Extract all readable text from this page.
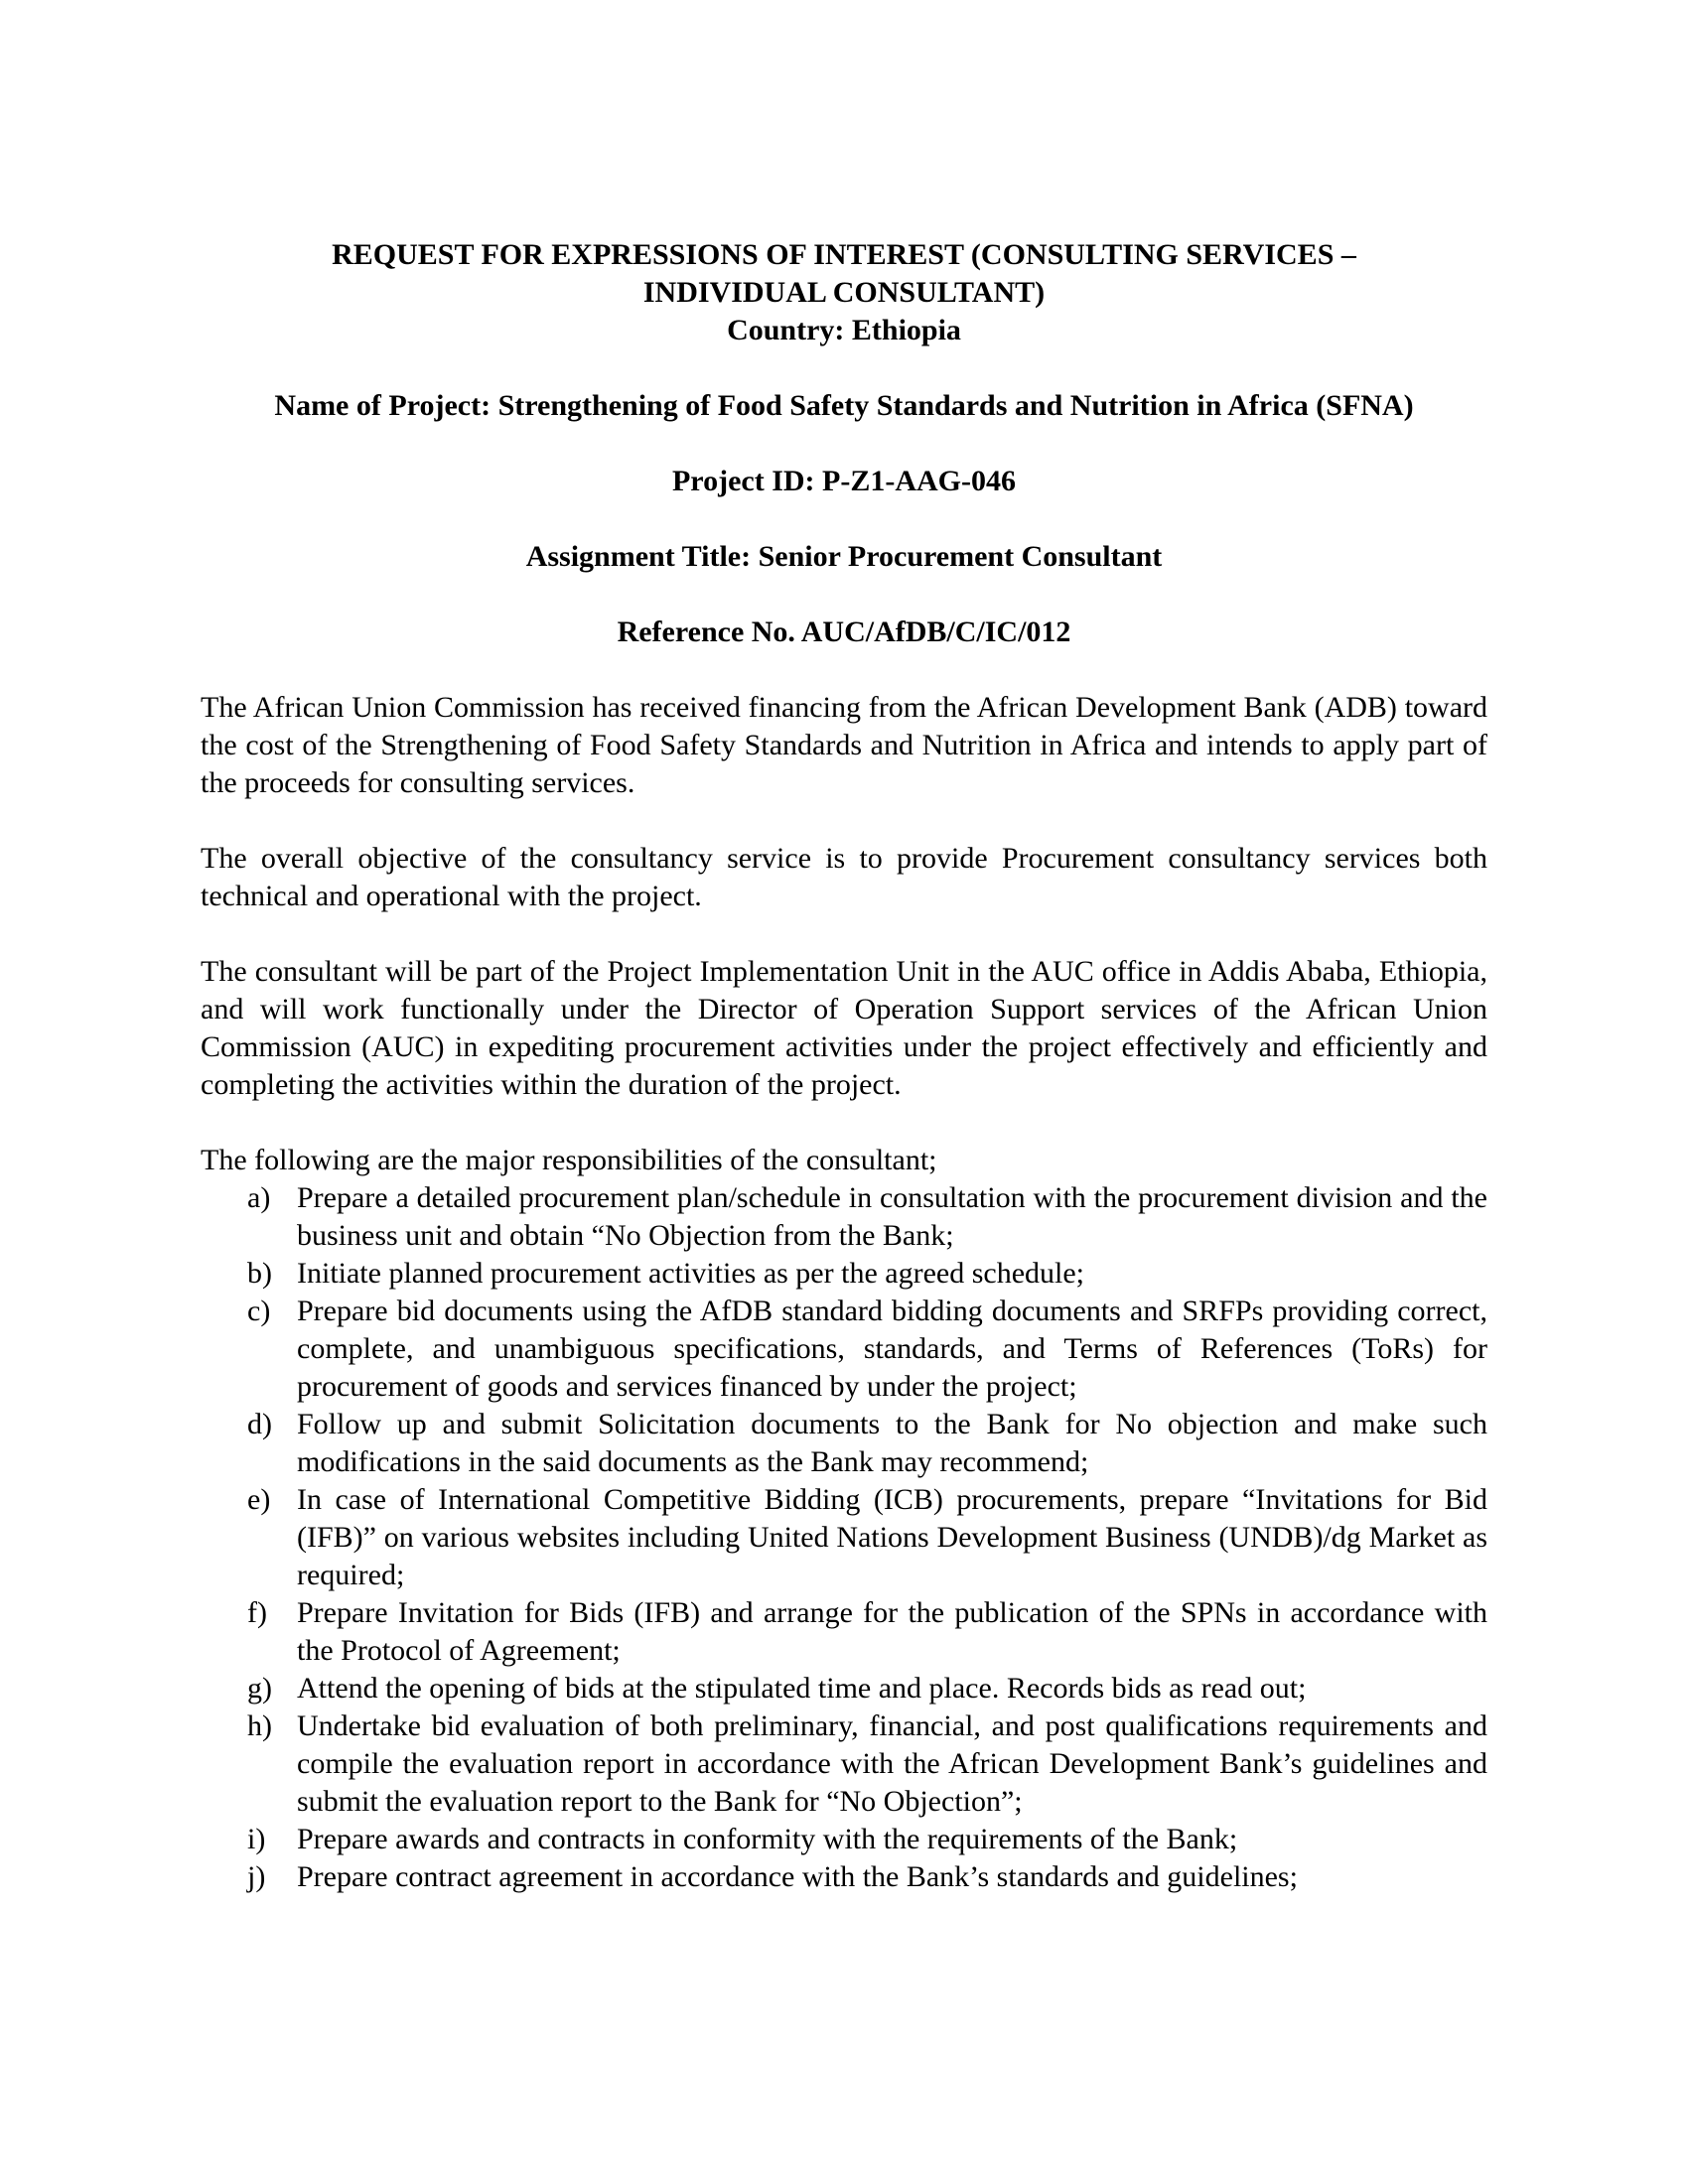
REQUEST FOR EXPRESSIONS OF INTEREST (CONSULTING SERVICES –

INDIVIDUAL CONSULTANT)

Country: Ethiopia

Name of Project: Strengthening of Food Safety Standards and Nutrition in Africa (SFNA)

Project ID: P-Z1-AAG-046

Assignment Title: Senior Procurement Consultant

Reference No. AUC/AfDB/C/IC/012

The African Union Commission has received financing from the African Development Bank (ADB) toward the cost of the Strengthening of Food Safety Standards and Nutrition in Africa and intends to apply part of the proceeds for consulting services.

The overall objective of the consultancy service is to provide Procurement consultancy services both technical and operational with the project.

The consultant will be part of the Project Implementation Unit in the AUC office in Addis Ababa, Ethiopia, and will work functionally under the Director of Operation Support services of the African Union Commission (AUC) in expediting procurement activities under the project effectively and efficiently and completing the activities within the duration of the project.

The following are the major responsibilities of the consultant;

a) Prepare a detailed procurement plan/schedule in consultation with the procurement division and the business unit and obtain “No Objection from the Bank;
b) Initiate planned procurement activities as per the agreed schedule;
c) Prepare bid documents using the AfDB standard bidding documents and SRFPs providing correct, complete, and unambiguous specifications, standards, and Terms of References (ToRs) for procurement of goods and services financed by under the project;
d) Follow up and submit Solicitation documents to the Bank for No objection and make such modifications in the said documents as the Bank may recommend;
e) In case of International Competitive Bidding (ICB) procurements, prepare “Invitations for Bid (IFB)” on various websites including United Nations Development Business (UNDB)/dg Market as required;
f)	Prepare Invitation for Bids (IFB) and arrange for the publication of the SPNs in accordance with the Protocol of Agreement;
g) Attend the opening of bids at the stipulated time and place. Records bids as read out;
h) Undertake bid evaluation of both preliminary, financial, and post qualifications requirements and compile the evaluation report in accordance with the African Development Bank’s guidelines and submit the evaluation report to the Bank for “No Objection”;
i)	Prepare awards and contracts in conformity with the requirements of the Bank;
j)	Prepare contract agreement in accordance with the Bank’s standards and guidelines;
